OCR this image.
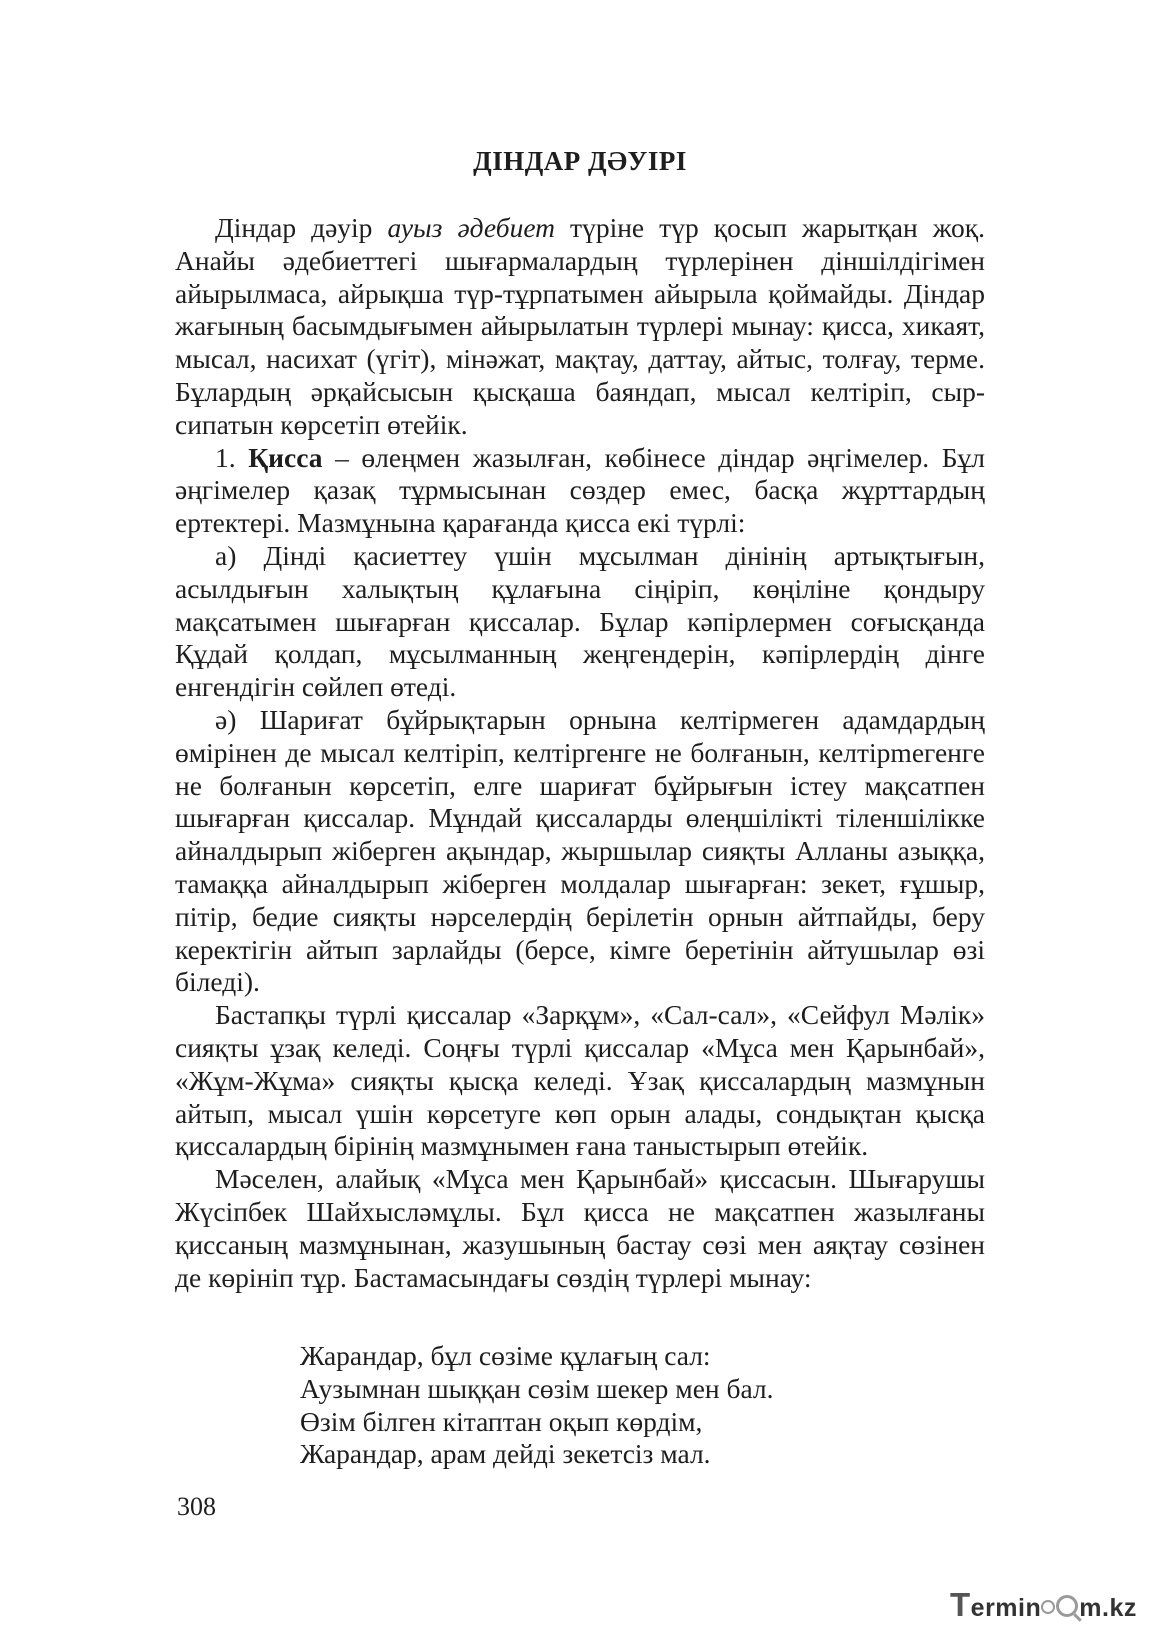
ДІНДАР ДӘУІРІ

Діндар дәуір ауыз әдебиет түріне түр қосып жарытқан жоқ. Анайы әдебиеттегі шығармалардың түрлерінен діншілдігімен айырылмаса, айрықша түр-тұрпатымен айырыла қоймайды. Діндар жағының басымдығымен айырылатын түрлері мынау: қисса, хикаят, мысал, насихат (үгіт), мінәжат, мақтау, даттау, айтыс, толғау, терме. Бұлардың әрқайсысын қысқаша баяндап, мысал келтіріп, сыр-сипатын көрсетіп өтейік.

1. Қисса – өлеңмен жазылған, көбінесе діндар әңгімелер. Бұл әңгімелер қазақ тұрмысынан сөздер емес, басқа жұрттардың ертектері. Мазмұнына қарағанда қисса екі түрлі:

а) Дінді қасиеттеу үшін мұсылман дінінің артықтығын, асылдығын халықтың құлағына сіңіріп, көңіліне қондыру мақсатымен шығарған қиссалар. Бұлар кәпірлермен соғысқанда Құдай қолдап, мұсылманның жеңгендерін, кәпірлердің дінге енгендігін сөйлеп өтеді.

ә) Шариғат бұйрықтарын орнына келтірмеген адамдардың өмірінен де мысал келтіріп, келтіргенге не болғанын, келтірmегенге не болғанын көрсетіп, елге шариғат бұйрығын істеу мақсатпен шығарған қиссалар. Мұндай қиссаларды өлеңшілікті тіленшілікке айналдырып жіберген ақындар, жыршылар сияқты Алланы азыққа, тамаққа айналдырып жіберген молдалар шығарған: зекет, ғұшыр, пітір, бедие сияқты нәрселердің берілетін орнын айтпайды, беру керектігін айтып зарлайды (берсе, кімге беретінін айтушылар өзі біледі).

Бастапқы түрлі қиссалар «Зарқұм», «Сал-сал», «Сейфул Мәлік» сияқты ұзақ келеді. Соңғы түрлі қиссалар «Мұса мен Қарынбай», «Жұм-Жұма» сияқты қысқа келеді. Ұзақ қиссалардың мазмұнын айтып, мысал үшін көрсетуге көп орын алады, сондықтан қысқа қиссалардың бірінің мазмұнымен ғана таныстырып өтейік.

Мәселен, алайық «Мұса мен Қарынбай» қиссасын. Шығарушы Жүсіпбек Шайхысләмұлы. Бұл қисса не мақсатпен жазылғаны қиссаның мазмұнынан, жазушының бастау сөзі мен аяқтау сөзінен де көрініп тұр. Бастамасындағы сөздің түрлері мынау:

Жарандар, бұл сөзіме құлағың сал:
Аузымнан шыққан сөзім шекер мен бал.
Өзім білген кітаптан оқып көрдім,
Жарандар, арам дейді зекетсіз мал.
308
Termin m.kz
